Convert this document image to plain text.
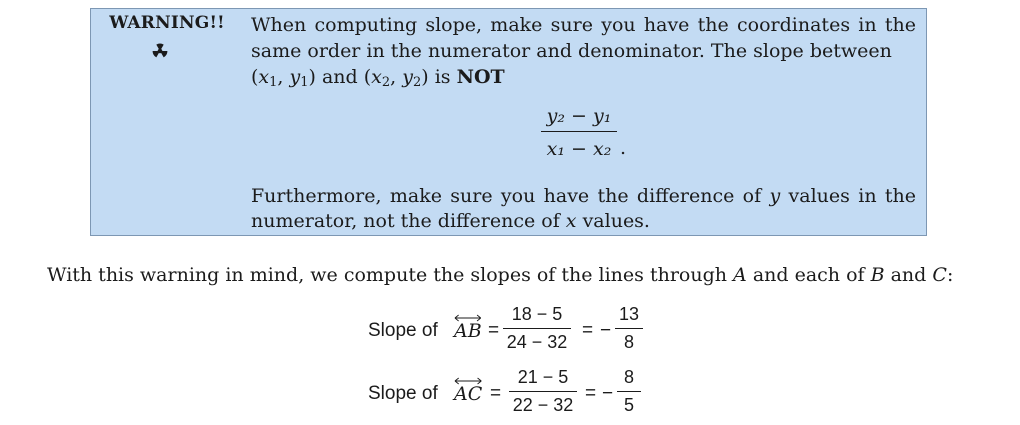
WARNING!!	When computing slope, make sure you have the coordinates in the same order in the numerator and denominator. The slope between
($x_1$, $y_1$) and ($x_2$, $y_2$) is NOT
y₂ − y₁
x₁ − x₂ .
Furthermore, make sure you have the difference of y values in the numerator, not the difference of x values.
With this warning in mind, we compute the slopes of the lines through A and each of B and C:
Slope of AB =
18 − 5
24 − 32
= −
13
8
Slope of AC =
21 − 5
22 − 32
= −
8
5
